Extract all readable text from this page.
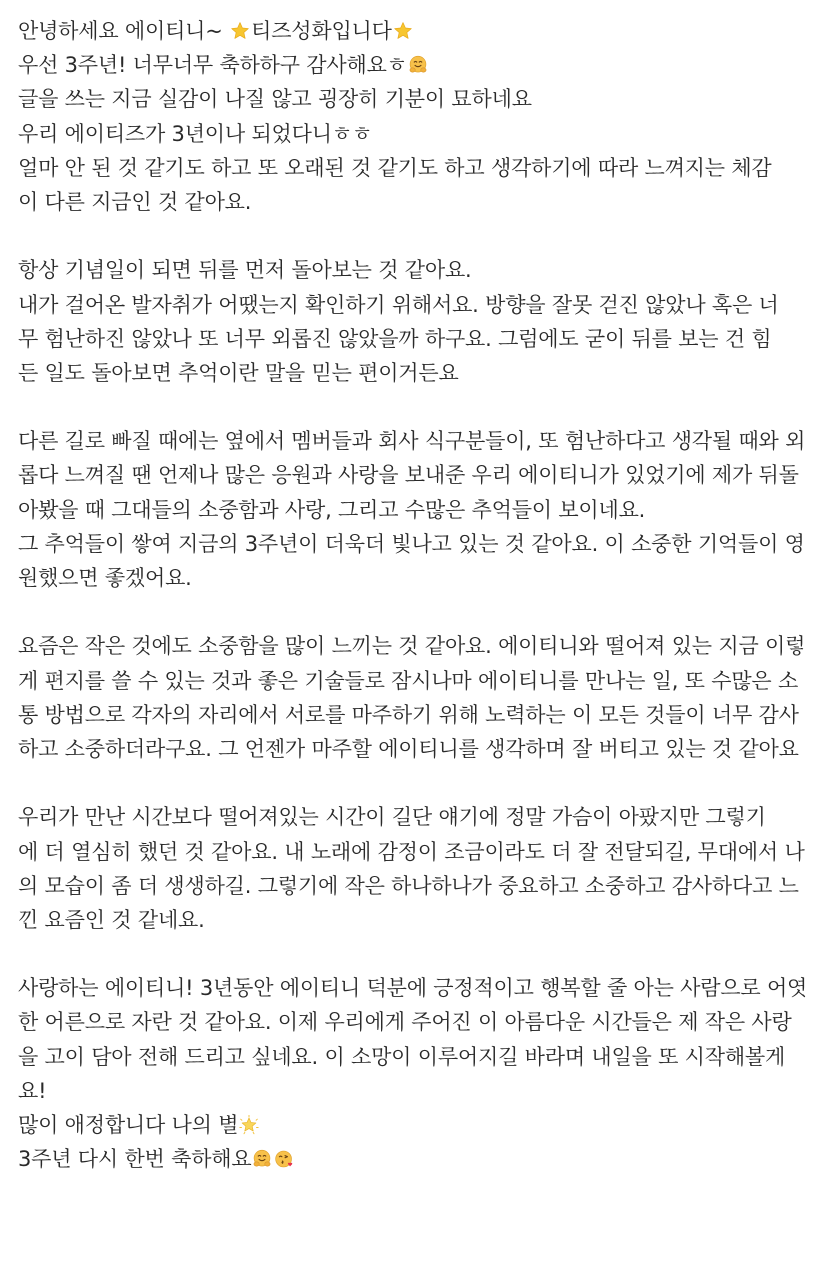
안녕하세요 에이티니~
티즈성화입니다
우선 3주년! 너무너무 축하하구 감사해요ㅎ
글을 쓰는 지금 실감이 나질 않고 굉장히 기분이 묘하네요
우리 에이티즈가 3년이나 되었다니ㅎㅎ
얼마 안 된 것 같기도 하고 또 오래된 것 같기도 하고 생각하기에 따라 느껴지는 체감
이 다른 지금인 것 같아요.
항상 기념일이 되면 뒤를 먼저 돌아보는 것 같아요.
내가 걸어온 발자취가 어땠는지 확인하기 위해서요. 방향을 잘못 걷진 않았나 혹은 너
무 험난하진 않았나 또 너무 외롭진 않았을까 하구요. 그럼에도 굳이 뒤를 보는 건 힘
든 일도 돌아보면 추억이란 말을 믿는 편이거든요
다른 길로 빠질 때에는 옆에서 멤버들과 회사 식구분들이, 또 험난하다고 생각될 때와 외
롭다 느껴질 땐 언제나 많은 응원과 사랑을 보내준 우리 에이티니가 있었기에 제가 뒤돌
아봤을 때 그대들의 소중함과 사랑, 그리고 수많은 추억들이 보이네요.
그 추억들이 쌓여 지금의 3주년이 더욱더 빛나고 있는 것 같아요. 이 소중한 기억들이 영
원했으면 좋겠어요.
요즘은 작은 것에도 소중함을 많이 느끼는 것 같아요. 에이티니와 떨어져 있는 지금 이렇
게 편지를 쓸 수 있는 것과 좋은 기술들로 잠시나마 에이티니를 만나는 일, 또 수많은 소
통 방법으로 각자의 자리에서 서로를 마주하기 위해 노력하는 이 모든 것들이 너무 감사
하고 소중하더라구요. 그 언젠가 마주할 에이티니를 생각하며 잘 버티고 있는 것 같아요
우리가 만난 시간보다 떨어져있는 시간이 길단 얘기에 정말 가슴이 아팠지만 그렇기
에 더 열심히 했던 것 같아요. 내 노래에 감정이 조금이라도 더 잘 전달되길, 무대에서 나
의 모습이 좀 더 생생하길. 그렇기에 작은 하나하나가 중요하고 소중하고 감사하다고 느
낀 요즘인 것 같네요.
사랑하는 에이티니! 3년동안 에이티니 덕분에 긍정적이고 행복할 줄 아는 사람으로 어엿
한 어른으로 자란 것 같아요. 이제 우리에게 주어진 이 아름다운 시간들은 제 작은 사랑
을 고이 담아 전해 드리고 싶네요. 이 소망이 이루어지길 바라며 내일을 또 시작해볼게
요!
많이 애정합니다 나의 별
3주년 다시 한번 축하해요
